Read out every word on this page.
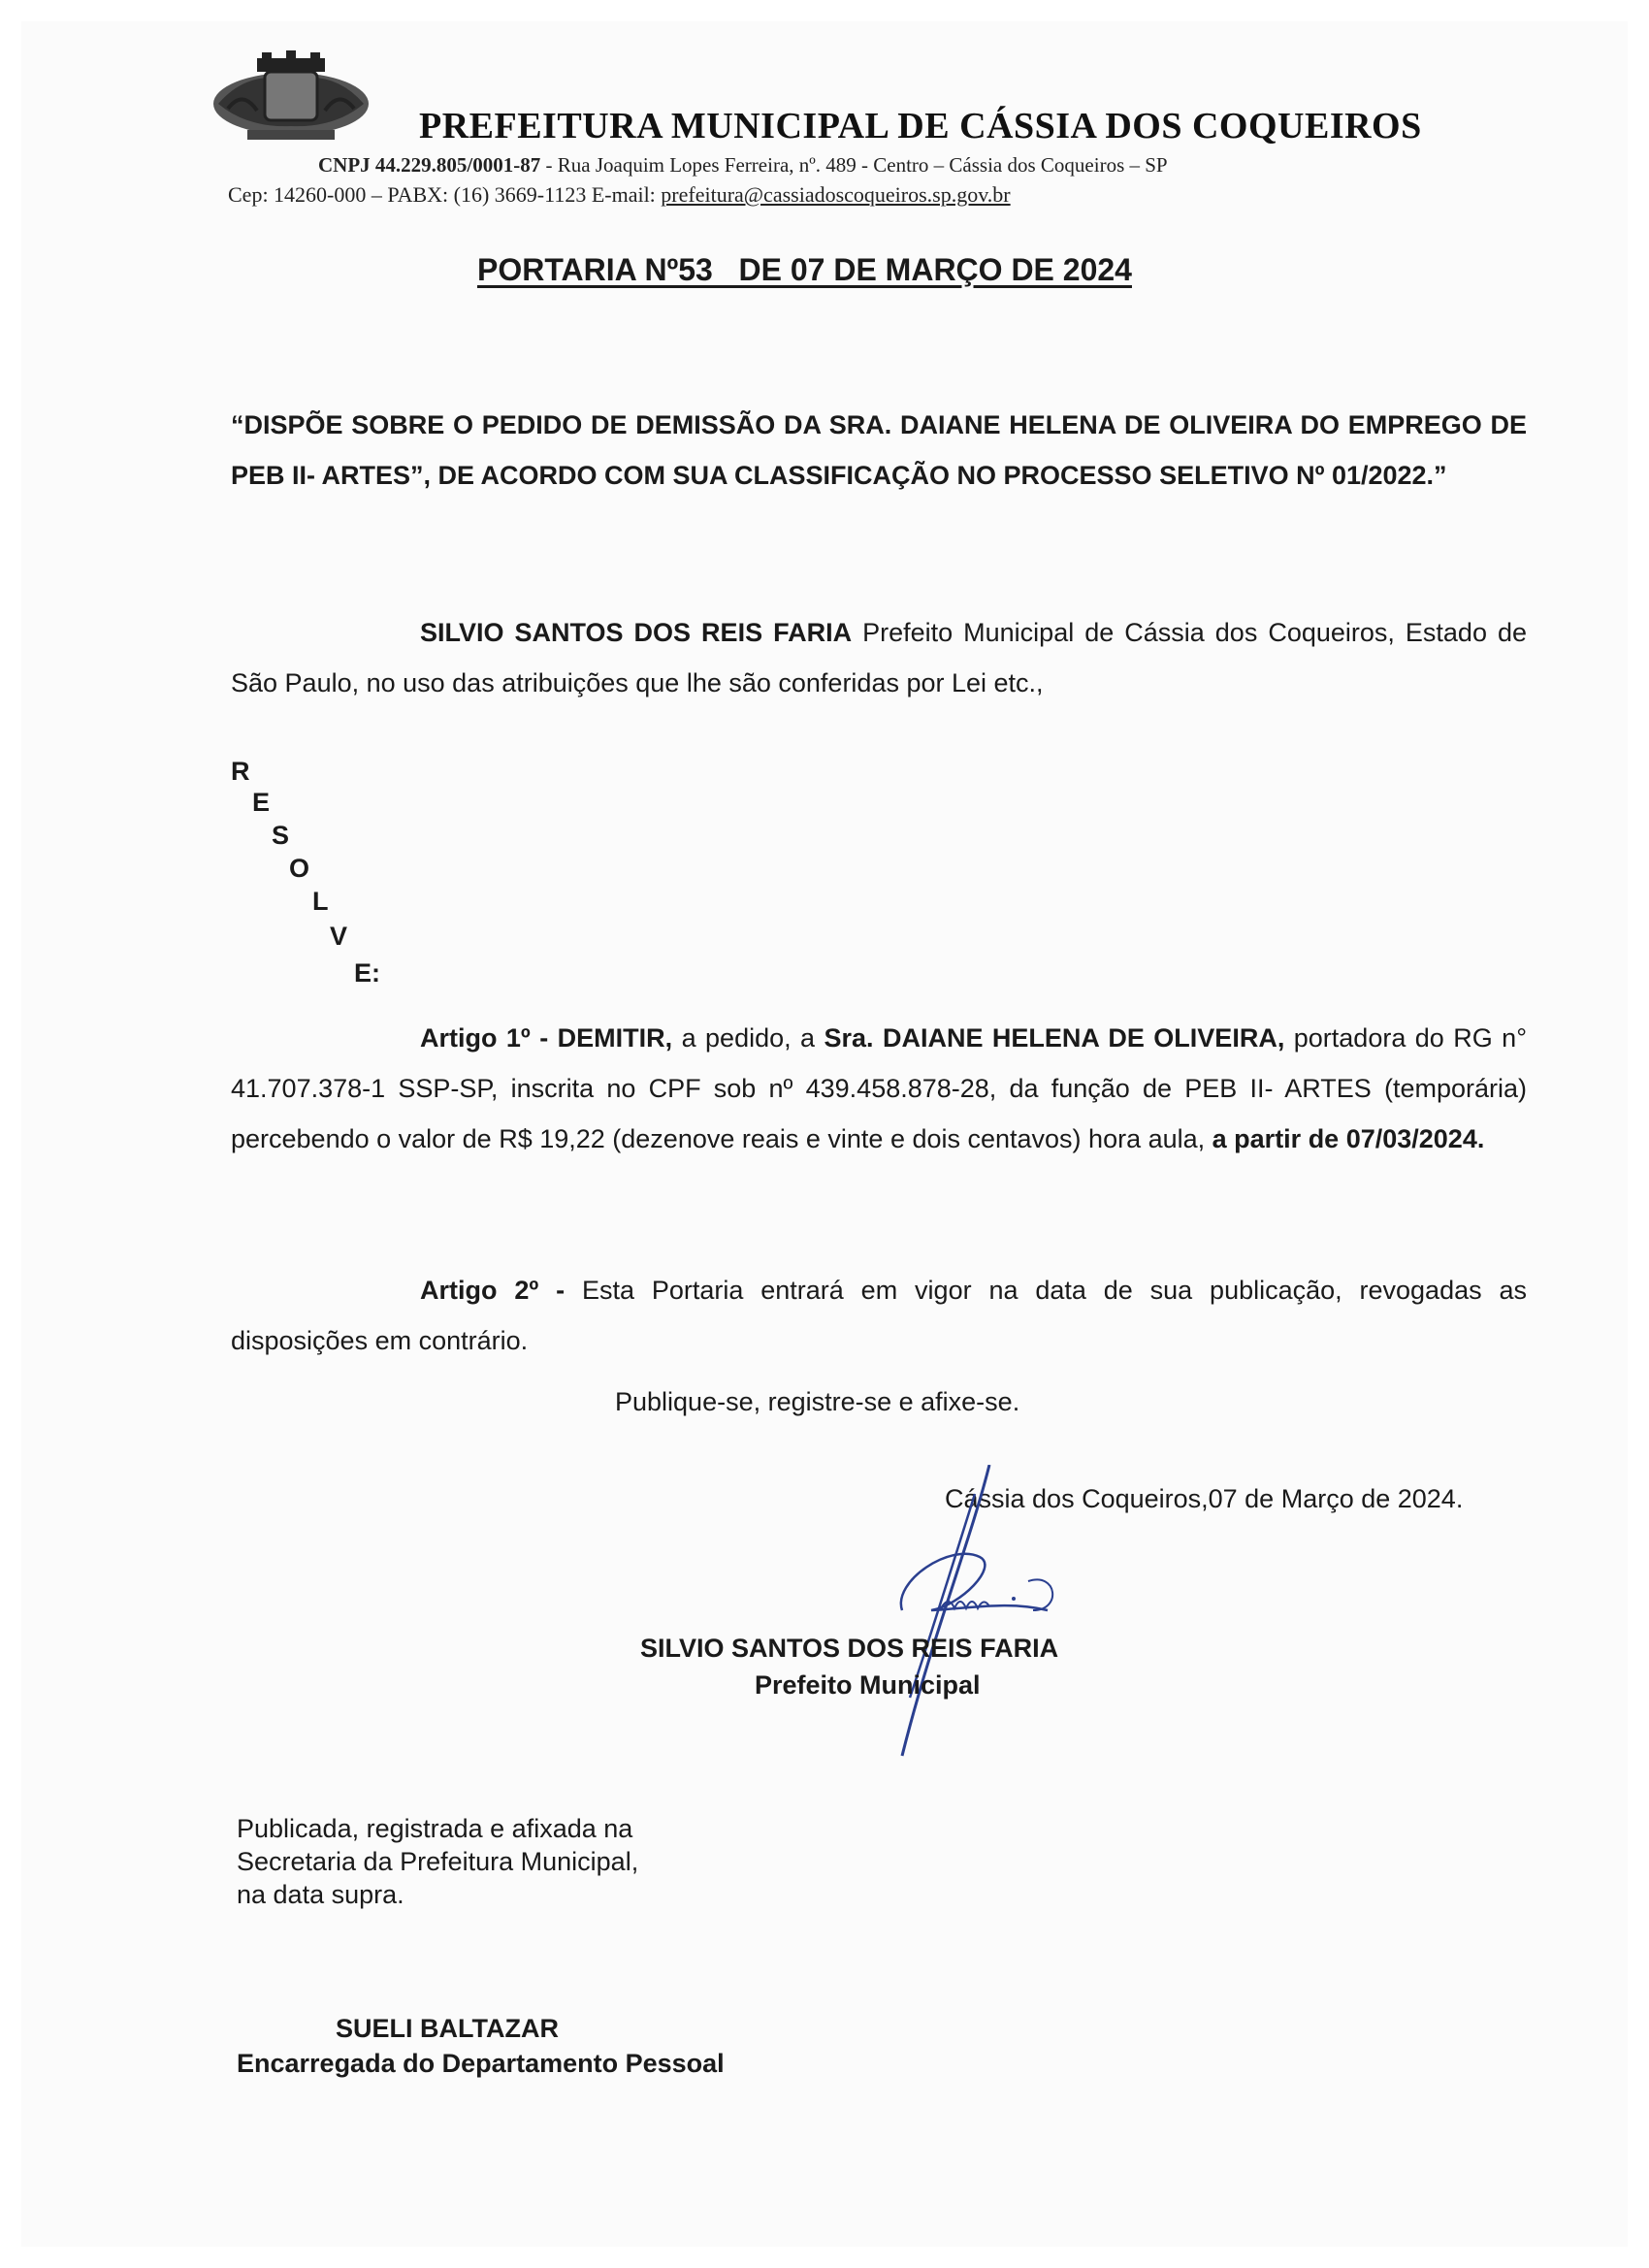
PREFEITURA MUNICIPAL DE CÁSSIA DOS COQUEIROS
CNPJ 44.229.805/0001-87 - Rua Joaquim Lopes Ferreira, nº. 489 - Centro – Cássia dos Coqueiros – SP
Cep: 14260-000 – PABX: (16) 3669-1123 E-mail: prefeitura@cassiadoscoqueiros.sp.gov.br
PORTARIA Nº53   DE 07 DE MARÇO DE 2024
“DISPÕE SOBRE O PEDIDO DE DEMISSÃO DA SRA. DAIANE HELENA DE OLIVEIRA DO EMPREGO DE PEB II- ARTES”, DE ACORDO COM SUA CLASSIFICAÇÃO NO PROCESSO SELETIVO Nº 01/2022.”
SILVIO SANTOS DOS REIS FARIA Prefeito Municipal de Cássia dos Coqueiros, Estado de São Paulo, no uso das atribuições que lhe são conferidas por Lei etc.,
R
E
S
O
L
V
E:
Artigo 1º - DEMITIR, a pedido, a Sra. DAIANE HELENA DE OLIVEIRA, portadora do RG n° 41.707.378-1 SSP-SP, inscrita no CPF sob nº 439.458.878-28, da função de PEB II- ARTES (temporária) percebendo o valor de R$ 19,22 (dezenove reais e vinte e dois centavos) hora aula, a partir de 07/03/2024.
Artigo 2º - Esta Portaria entrará em vigor na data de sua publicação, revogadas as disposições em contrário.
Publique-se, registre-se e afixe-se.
Cássia dos Coqueiros,07 de Março de 2024.
SILVIO SANTOS DOS REIS FARIA
Prefeito Municipal
Publicada, registrada e afixada na
Secretaria da Prefeitura Municipal,
na data supra.
SUELI BALTAZAR
Encarregada do Departamento Pessoal
